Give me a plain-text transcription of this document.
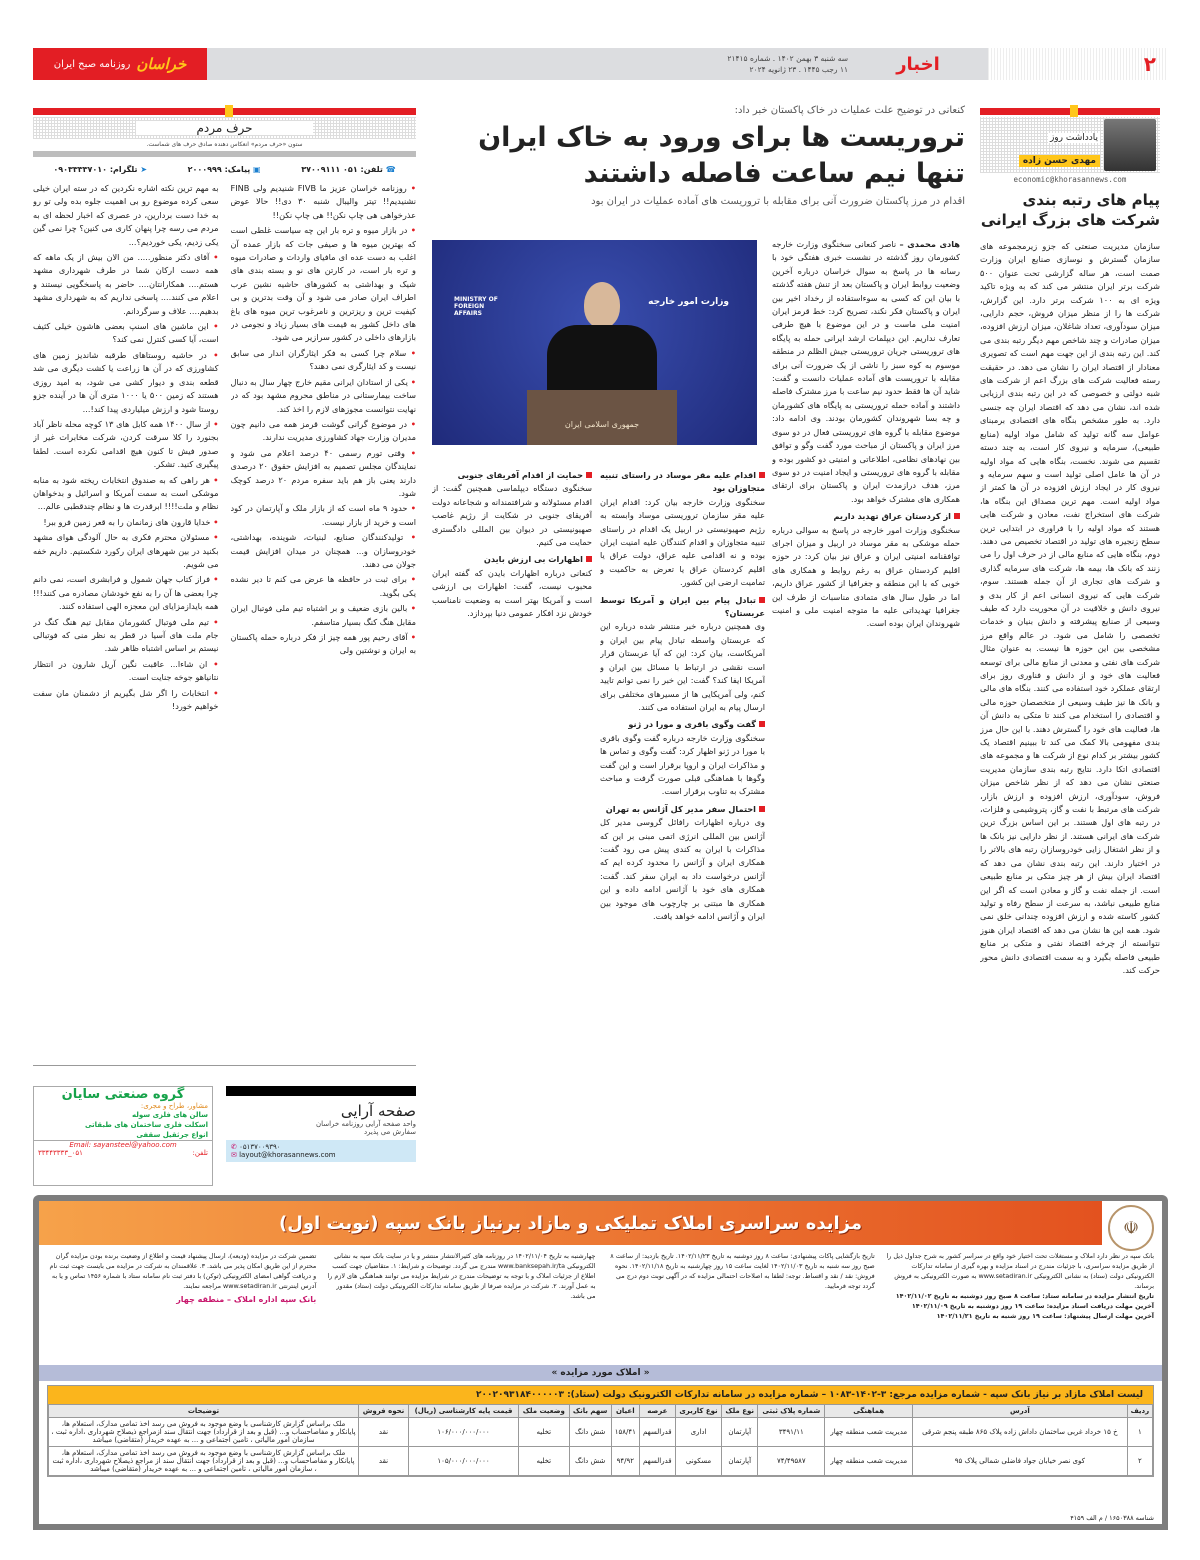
خراسان
روزنامه صبح ایران	سه شنبه ۳ بهمن ۱۴۰۲ . شماره ۲۱۴۱۵
۱۱ رجب ۱۴۴۵ . ۲۳ ژانویه ۲۰۲۴	اخبار	۲
یادداشت روز
مهدی حسن زاده
economic@khorasannews.com
پیام های رتبه بندی شرکت های بزرگ ایرانی
سازمان مدیریت صنعتی که جزو زیرمجموعه های سازمان گسترش و نوسازی صنایع ایران وزارت صمت است، هر ساله گزارشی تحت عنوان ۵۰۰ شرکت برتر ایران منتشر می کند که به ویژه تاکید ویژه ای به ۱۰۰ شرکت برتر دارد. این گزارش، شرکت ها را از منظر میزان فروش، حجم دارایی، میزان سودآوری، تعداد شاغلان، میزان ارزش افزوده، میزان صادرات و چند شاخص مهم دیگر رتبه بندی می کند. این رتبه بندی از این جهت مهم است که تصویری معنادار از اقتصاد ایران را نشان می دهد. در حقیقت رسته فعالیت شرکت های بزرگ اعم از شرکت های شبه دولتی و خصوصی که در این رتبه بندی ارزیابی شده اند، نشان می دهد که اقتصاد ایران چه جنسی دارد. به طور مشخص بنگاه های اقتصادی برمبنای عوامل سه گانه تولید که شامل مواد اولیه (منابع طبیعی)، سرمایه و نیروی کار است، به چند دسته تقسیم می شوند. نخست، بنگاه هایی که مواد اولیه در آن ها عامل اصلی تولید است و سهم سرمایه و نیروی کار در ایجاد ارزش افزوده در آن ها کمتر از مواد اولیه است. مهم ترین مصداق این بنگاه ها، شرکت های استخراج نفت، معادن و شرکت هایی هستند که مواد اولیه را با فراوری در ابتدایی ترین سطح زنجیره های تولید در اقتصاد تخصیص می دهند. دوم، بنگاه هایی که منابع مالی از در حرف اول را می زنند که بانک ها، بیمه ها، شرکت های سرمایه گذاری و شرکت های تجاری از آن جمله هستند. سوم، شرکت هایی که نیروی انسانی اعم از کار بدی و نیروی دانش و خلاقیت در آن محوریت دارد که طیف وسیعی از صنایع پیشرفته و دانش بنیان و خدمات تخصصی را شامل می شود. در عالم واقع مرز مشخصی بین این حوزه ها نیست. به عنوان مثال شرکت های نفتی و معدنی از منابع مالی برای توسعه فعالیت های خود و از دانش و فناوری روز برای ارتقای عملکرد خود استفاده می کنند. بنگاه های مالی و بانک ها نیز طیف وسیعی از متخصصان حوزه مالی و اقتصادی را استخدام می کنند تا متکی به دانش آن ها، فعالیت های خود را گسترش دهند. با این حال مرز بندی مفهومی بالا کمک می کند تا ببینیم اقتصاد یک کشور بیشتر بر کدام نوع از شرکت ها و مجموعه های اقتصادی اتکا دارد. نتایج رتبه بندی سازمان مدیریت صنعتی نشان می دهد که از نظر شاخص میزان فروش، سودآوری، ارزش افزوده و ارزش بازار، شرکت های مرتبط با نفت و گاز، پتروشیمی و فلزات، در رتبه های اول هستند. بر این اساس بزرگ ترین شرکت های ایرانی هستند. از نظر دارایی نیز بانک ها و از نظر اشتغال زایی خودروسازان رتبه های بالاتر را در اختیار دارند. این رتبه بندی نشان می دهد که اقتصاد ایران بیش از هر چیز متکی بر منابع طبیعی است. از جمله نفت و گاز و معادن است که اگر این منابع طبیعی نباشد، به سرعت از سطح رفاه و تولید کشور کاسته شده و ارزش افزوده چندانی خلق نمی شود. همه این ها نشان می دهد که اقتصاد ایران هنوز نتوانسته از چرخه اقتصاد نفتی و متکی بر منابع طبیعی فاصله بگیرد و به سمت اقتصادی دانش محور حرکت کند.
کنعانی در توضیح علت عملیات در خاک پاکستان خبر داد:
تروریست ها برای ورود به خاک ایران
تنها نیم ساعت فاصله داشتند
اقدام در مرز پاکستان ضرورت آنی برای مقابله با تروریست های آماده عملیات در ایران بود
MINISTRY OF FOREIGN AFFAIRS
وزارت امور خارجه
جمهوری اسلامی ایران
هادی محمدی – ناصر کنعانی سخنگوی وزارت خارجه کشورمان روز گذشته در نشست خبری هفتگی خود با رسانه ها در پاسخ به سوال خراسان درباره آخرین وضعیت روابط ایران و پاکستان بعد از تنش هفته گذشته با بیان این که کسی به سوءاستفاده از رخداد اخیر بین ایران و پاکستان فکر نکند، تصریح کرد: خط قرمز ایران امنیت ملی ماست و در این موضوع با هیچ طرفی تعارف نداریم. این دیپلمات ارشد ایرانی حمله به پایگاه های تروریستی جریان تروریستی جیش الظلم در منطقه موسوم به کوه سبز را ناشی از یک ضرورت آنی برای مقابله با تروریست های آماده عملیات دانست و گفت: شاید آن ها فقط حدود نیم ساعت با مرز مشترک فاصله داشتند و آماده حمله تروریستی به پایگاه های کشورمان و چه بسا شهروندان کشورمان بودند. وی ادامه داد: موضوع مقابله با گروه های تروریستی فعال در دو سوی مرز ایران و پاکستان از مباحث مورد گفت وگو و توافق بین نهادهای نظامی، اطلاعاتی و امنیتی دو کشور بوده و مقابله با گروه های تروریستی و ایجاد امنیت در دو سوی مرز، هدف درازمدت ایران و پاکستان برای ارتقای همکاری های مشترک خواهد بود.
از کردستان عراق تهدید داریم
سخنگوی وزارت امور خارجه در پاسخ به سوالی درباره حمله موشکی به مقر موساد در اربیل و میزان اجرای توافقنامه امنیتی ایران و عراق نیز بیان کرد: در حوزه اقلیم کردستان عراق به رغم روابط و همکاری های خوبی که با این منطقه و جغرافیا از کشور عراق داریم، اما در طول سال های متمادی مناسبات از طرف این جغرافیا تهدیداتی علیه ما متوجه امنیت ملی و امنیت شهروندان ایران بوده است.
اقدام علیه مقر موساد در راستای تنبیه متجاوزان بود
سخنگوی وزارت خارجه بیان کرد: اقدام ایران علیه مقر سازمان تروریستی موساد وابسته به رژیم صهیونیستی در اربیل یک اقدام در راستای تنبیه متجاوزان و اقدام کنندگان علیه امنیت ایران بوده و نه اقدامی علیه عراق، دولت عراق یا اقلیم کردستان عراق یا تعرض به حاکمیت و تمامیت ارضی این کشور.
تبادل پیام بین ایران و آمریکا توسط عربستان؟
وی همچنین درباره خبر منتشر شده درباره این که عربستان واسطه تبادل پیام بین ایران و آمریکاست، بیان کرد: این که آیا عربستان قرار است نقشی در ارتباط با مسائل بین ایران و آمریکا ایفا کند؟ گفت: این خبر را نمی توانم تایید کنم، ولی آمریکایی ها از مسیرهای مختلفی برای ارسال پیام به ایران استفاده می کنند.
گفت وگوی باقری و مورا در ژنو
سخنگوی وزارت خارجه درباره گفت وگوی باقری با مورا در ژنو اظهار کرد: گفت وگوی و تماس ها و مذاکرات ایران و اروپا برقرار است و این گفت وگوها با هماهنگی قبلی صورت گرفت و مباحث مشترک به تناوب برقرار است.
احتمال سفر مدیر کل آژانس به تهران
وی درباره اظهارات رافائل گروسی مدیر کل آژانس بین المللی انرژی اتمی مبنی بر این که مذاکرات با ایران به کندی پیش می رود گفت: همکاری ایران و آژانس را محدود کرده ایم که آژانس درخواست داد به ایران سفر کند. گفت: همکاری های خود با آژانس ادامه داده و این همکاری ها مبتنی بر چارچوب های موجود بین ایران و آژانس ادامه خواهد یافت.
حمایت از اقدام آفریقای جنوبی
سخنگوی دستگاه دیپلماسی همچنین گفت: از اقدام مسئولانه و شرافتمندانه و شجاعانه دولت آفریقای جنوبی در شکایت از رژیم غاصب صهیونیستی در دیوان بین المللی دادگستری حمایت می کنیم.
اظهارات بی ارزش بایدن
کنعانی درباره اظهارات بایدن که گفته ایران محبوب نیست، گفت: اظهارات بی ارزشی است و آمریکا بهتر است به وضعیت نامناسب خودش نزد افکار عمومی دنیا بپردازد.
حرف مردم
ستون «حرف مردم» انعکاس دهنده صادق حرف های شماست.
☎ تلفن: ۰۵۱ ۳۷۰۰۹۱۱۱
▣ پیامک: ۲۰۰۰۹۹۹
➤ تلگرام: ۰۹۰۳۳۳۳۷۰۱۰

• روزنامه خراسان عزیز ما FIVB شنیدیم ولی FINB نشنیدیم!! تیتر والیبال شنبه ۳۰ دی!! حالا عوض عذرخواهی هی چاپ نکن!! هی چاپ نکن!!

• در بازار میوه و تره بار این چه سیاست غلطی است که بهترین میوه ها و صیفی جات که بازار عمده آن اغلب به دست عده ای مافیای واردات و صادرات میوه و تره بار است، در کارتن های نو و بسته بندی های شیک و بهداشتی به کشورهای حاشیه نشین عرب اطراف ایران صادر می شود و آن وقت بدترین و بی کیفیت ترین و ریزترین و نامرغوب ترین میوه های باغ های داخل کشور به قیمت های بسیار زیاد و نجومی در بازارهای داخلی در کشور سرازیر می شود.

• سلام چرا کسی به فکر ایثارگران اندار می سابق نیست و کد ایثارگری نمی دهند؟

• یکی از استادان ایرانی مقیم خارج چهار سال به دنبال ساخت بیمارستانی در مناطق محروم مشهد بود که در نهایت نتوانست مجوزهای لازم را اخذ کند.

• در موضوع گرانی گوشت قرمز همه می دانیم چون مدیران وزارت جهاد کشاورزی مدیریت ندارند.

• وقتی تورم رسمی ۴۰ درصد اعلام می شود و نمایندگان مجلس تصمیم به افزایش حقوق ۲۰ درصدی دارند یعنی باز هم باید سفره مردم ۲۰ درصد کوچک شود.

• حدود ۹ ماه است که از بازار ملک و آپارتمان در کود است و خرید از بازار نیست.

• تولیدکنندگان صنایع، لبنیات، شوینده، بهداشتی، خودروسازان و... همچنان در میدان افزایش قیمت جولان می دهند.

• برای ثبت در حافظه ها عرض می کنم تا دیر نشده یکی بگوید.

• بالین بازی ضعیف و بر اشتباه تیم ملی فوتبال ایران مقابل هنگ کنگ بسیار متاسفم.

• آقای رحیم پور همه چیز از فکر درباره حمله پاکستان به ایران و نوشتین ولی

به مهم ترین نکته اشاره نکردین که در سته ایران خیلی سعی کرده موضوع رو بی اهمیت جلوه بده ولی تو رو به خدا دست بردارین، در عصری که اخبار لحظه ای به مردم می رسه چرا پنهان کاری می کنین؟ چرا نمی گین یکی زدیم، یکی خوردیم؟...

• آقای دکتر منظور..... من الان بیش از یک ماهه که همه دست ارکان شما در طرف شهرداری مشهد هستم.... همکارانتان.... حاضر به پاسخگویی نیستند و اعلام می کنند.... پاسخی نداریم که به شهرداری مشهد بدهیم.... علاف و سرگردانم.

• این ماشین های اسنپ بعضی هاشون خیلی کثیف است، آیا کسی کنترل نمی کند؟

• در حاشیه روستاهای طرقبه شاندیز زمین های کشاورزی که در آن ها زراعت یا کشت دیگری می شد قطعه بندی و دیوار کشی می شود، به امید روزی هستند که زمین ۵۰۰ یا ۱۰۰۰ متری آن ها در آینده جزو روستا شود و ارزش میلیاردی پیدا کند!...

• از سال ۱۴۰۰ همه کابل های ۱۳ کوچه محله ناظر آباد بجنورد را کلا سرقت کردن، شرکت مخابرات غیر از صدور فیش تا کنون هیچ اقدامی نکرده است. لطفا پیگیری کنید. تشکر.

• هر راهی که به صندوق انتخابات ریخته شود به منابه موشکی است به سمت آمریکا و اسرائیل و بدخواهان نظام و ملت!!!! ابرقدرت ها و نظام چندقطبی عالم...

• خدایا قارون های زمانمان را به قعر زمین فرو ببر!

• مسئولان محترم فکری به حال آلودگی هوای مشهد بکنید در بین شهرهای ایران رکورد شکستیم. داریم خفه می شویم.

• فراز کتاب جهان شمول و فرابشری است، نمی دانم چرا بعضی ها آن را به نفع خودشان مصادره می کنند!!! همه بایدازمزایای این معجزه الهی استفاده کنند.

• تیم ملی فوتبال کشورمان مقابل تیم هنگ کنگ در جام ملت های آسیا در قطر به نظر منی که فوتبالی نیستم بر اساس اشتباه ظاهر شد.

• ان شاءا... عاقبت نگین آریل شارون در انتظار نتانیاهو جوخه جنایت است.

• انتخابات را اگر شل بگیریم از دشمنان مان سفت خواهیم خورد!

صفحه آرایی
واحد صفحه آرایی روزنامه خراسان
سفارش می پذیرد
✆ ۰۵۱۳۷۰۰۹۳۹۰
✉ layout@khorasannews.com
گروه صنعتی سایان
مشاور، طراح و مجری:
سالن های فلزی سوله
اسکلت فلزی ساختمان های طبقاتی
انواع جرثقیل سقفی
Email: sayansteel@yahoo.com
تلفن:
۰۵۱_۳۳۴۴۳۳۳۳
مزایده سراسری املاک تملیکی و مازاد برنیاز بانک سپه (نوبت اول)	☫
بانک سپه در نظر دارد املاک و مستغلات تحت اختیار خود واقع در سراسر کشور به شرح جداول ذیل را از طریق مزایده سراسری، با جزئیات مندرج در اسناد مزایده و بهره گیری از سامانه تدارکات الکترونیکی دولت (ستاد) به نشانی الکترونیکی www.setadiran.ir به صورت الکترونیکی به فروش برساند.
تاریخ انتشار مزایده در سامانه ستاد: ساعت ۸ صبح روز دوشنبه به تاریخ ۱۴۰۲/۱۱/۰۲
آخرین مهلت دریافت اسناد مزایده: ساعت ۱۹ روز دوشنبه به تاریخ ۱۴۰۲/۱۱/۰۹
آخرین مهلت ارسال پیشنهاد: ساعت ۱۹ روز شنبه به تاریخ ۱۴۰۲/۱۱/۲۱
تاریخ بازگشایی پاکات پیشنهادی: ساعت ۸ روز دوشنبه به تاریخ ۱۴۰۲/۱۱/۲۳. تاریخ بازدید: از ساعت ۸ صبح روز سه شنبه به تاریخ ۱۴۰۲/۱۱/۰۳ لغایت ساعت ۱۵ روز چهارشنبه به تاریخ ۱۴۰۲/۱۱/۱۸. نحوه فروش: نقد / نقد و اقساط. توجه: لطفا به اصلاحات احتمالی مزایده که در آگهی نوبت دوم درج می گردد توجه فرمایید.
چهارشنبه به تاریخ ۱۴۰۲/۱۱/۰۴ در روزنامه های کثیرالانتشار منتشر و یا در سایت بانک سپه به نشانی الکترونیکی www.banksepah.ir/ta مندرج می گردد. توضیحات و شرایط: ۱. متقاضیان جهت کسب اطلاع از جزئیات املاک و با توجه به توضیحات مندرج در شرایط مزایده می توانند هماهنگی های لازم را به عمل آورند. ۲. شرکت در مزایده صرفا از طریق سامانه تدارکات الکترونیکی دولت (ستاد) مقدور می باشد.
تضمین شرکت در مزایده (ودیعه)، ارسال پیشنهاد قیمت و اطلاع از وضعیت برنده بودن مزایده گران محترم از این طریق امکان پذیر می باشد. ۳. علاقمندان به شرکت در مزایده می بایست جهت ثبت نام و دریافت گواهی امضای الکترونیکی (توکن) با دفتر ثبت نام سامانه ستاد با شماره ۱۴۵۶ تماس و یا به آدرس اینترنتی www.setadiran.ir مراجعه نمایند.
بانک سپه اداره املاک – منطقه چهار
« املاک مورد مزایده »
لیست املاک مازاد بر نیاز بانک سپه - شماره مزایده مرجع: ۳-۱۴۰۲-۱۰۸۳ – شماره مزایده در سامانه تدارکات الکترونیک دولت (ستاد): ۲۰۰۲۰۹۳۱۸۴۰۰۰۰۰۳
ردیف	آدرس	هماهنگی	شماره پلاک ثبتی	نوع ملک	نوع کاربری	عرصه	اعیان	سهم بانک	وضعیت ملک	قیمت پایه کارشناسی (ریال)	نحوه فروش	توضیحات
۱	خ ۱۵ خرداد غربی ساختمان داداش زاده پلاک ۸۶۵ طبقه پنجم شرقی	مدیریت شعب منطقه چهار	۳۴۹۱/۱۱	آپارتمان	اداری	قدرالسهم	۱۵۸/۴۱	شش دانگ	تخلیه	۱۰۶/۰۰۰/۰۰۰/۰۰۰	نقد	ملک براساس گزارش کارشناسی با وضع موجود به فروش می رسد اخذ تمامی مدارک، استعلام ها، پایانکار و مفاصاحساب و... (قبل و بعد از قرارداد) جهت انتقال سند ازمراجع ذیصلاح شهرداری ،اداره ثبت ، سازمان امور مالیاتی ، تامین اجتماعی و ... به عهده خریدار (متقاضی) میباشد
۲	کوی نصر خیابان جواد فاضلی شمالی پلاک ۹۵	مدیریت شعب منطقه چهار	۷۴/۴۹۵۸۷	آپارتمان	مسکونی	قدرالسهم	۹۴/۹۲	شش دانگ	تخلیه	۱۰۵/۰۰۰/۰۰۰/۰۰۰	نقد	ملک براساس گزارش کارشناسی با وضع موجود به فروش می رسد اخذ تمامی مدارک، استعلام ها، پایانکار و مفاصاحساب و... (قبل و بعد از قرارداد) جهت انتقال سند از مراجع ذیصلاح شهرداری ،اداره ثبت ، سازمان امور مالیاتی ، تامین اجتماعی و ... به عهده خریدار (متقاضی) میباشد
شناسه ۱۶۵۰۳۸۸ / م الف ۴۱۵۹
